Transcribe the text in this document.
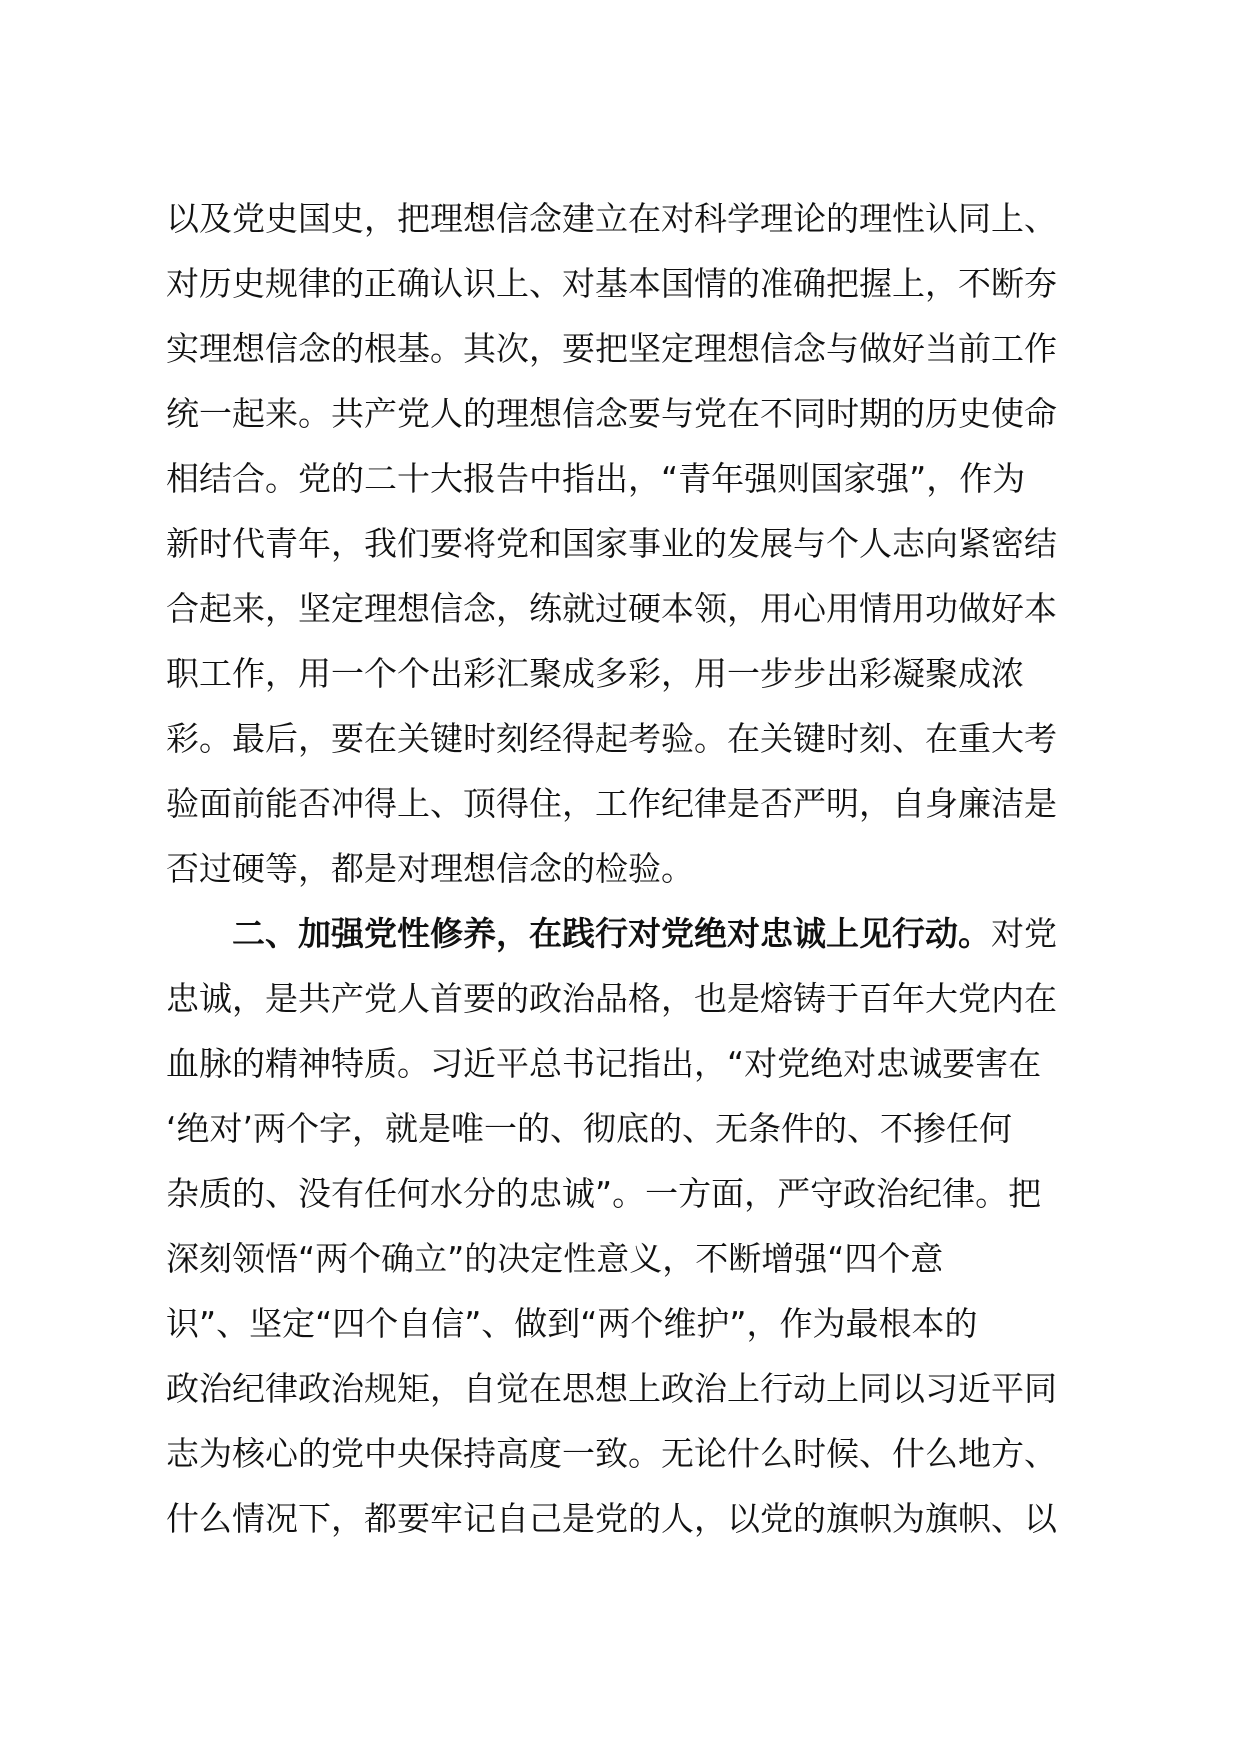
以及党史国史，把理想信念建立在对科学理论的理性认同上、
对历史规律的正确认识上、对基本国情的准确把握上，不断夯
实理想信念的根基。其次，要把坚定理想信念与做好当前工作
统一起来。共产党人的理想信念要与党在不同时期的历史使命
相结合。党的二十大报告中指出，“青年强则国家强”，作为
新时代青年，我们要将党和国家事业的发展与个人志向紧密结
合起来，坚定理想信念，练就过硬本领，用心用情用功做好本
职工作，用一个个出彩汇聚成多彩，用一步步出彩凝聚成浓
彩。最后，要在关键时刻经得起考验。在关键时刻、在重大考
验面前能否冲得上、顶得住，工作纪律是否严明，自身廉洁是
否过硬等，都是对理想信念的检验。
二、加强党性修养，在践行对党绝对忠诚上见行动。对党
忠诚，是共产党人首要的政治品格，也是熔铸于百年大党内在
血脉的精神特质。习近平总书记指出，“对党绝对忠诚要害在
‘绝对’两个字，就是唯一的、彻底的、无条件的、不掺任何
杂质的、没有任何水分的忠诚”。一方面，严守政治纪律。把
深刻领悟“两个确立”的决定性意义，不断增强“四个意
识”、坚定“四个自信”、做到“两个维护”，作为最根本的
政治纪律政治规矩，自觉在思想上政治上行动上同以习近平同
志为核心的党中央保持高度一致。无论什么时候、什么地方、
什么情况下，都要牢记自己是党的人，以党的旗帜为旗帜、以
